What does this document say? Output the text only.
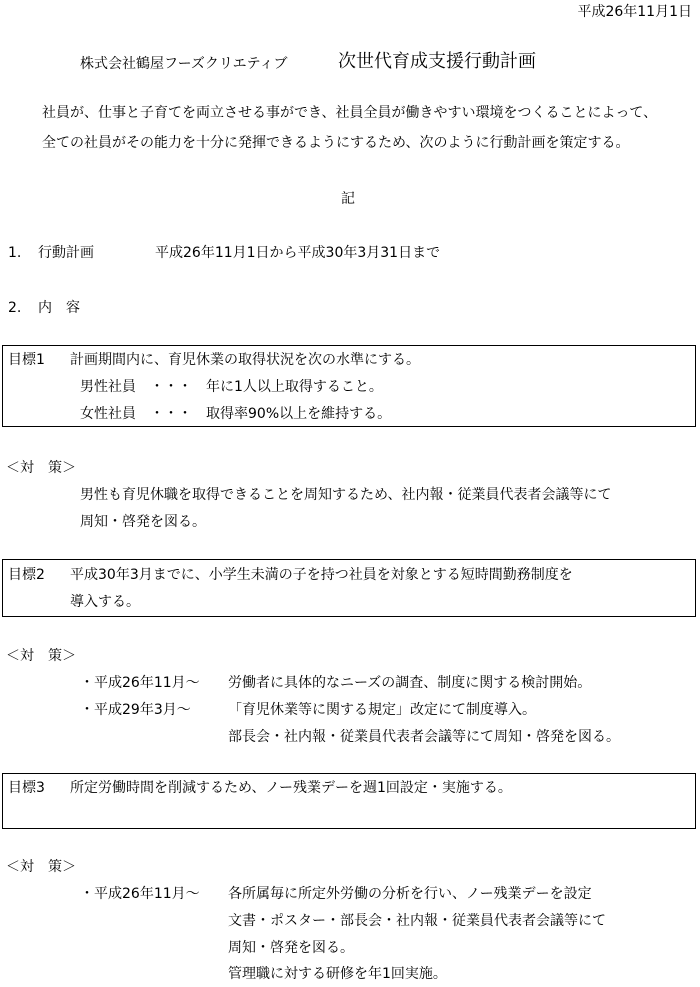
平成26年11月1日
株式会社鶴屋フーズクリエティブ	次世代育成支援行動計画
社員が、仕事と子育てを両立させる事ができ、社員全員が働きやすい環境をつくることによって、
全ての社員がその能力を十分に発揮できるようにするため、次のように行動計画を策定する。
記
1. 行動計画	平成26年11月1日から平成30年3月31日まで
2. 内　容
目標1 計画期間内に、育児休業の取得状況を次の水準にする。
男性社員　・・・　年に1人以上取得すること。
女性社員　・・・　取得率90%以上を維持する。
＜対　策＞
男性も育児休職を取得できることを周知するため、社内報・従業員代表者会議等にて
周知・啓発を図る。
目標2 平成30年3月までに、小学生未満の子を持つ社員を対象とする短時間勤務制度を
導入する。
＜対　策＞
・平成26年11月～ 労働者に具体的なニーズの調査、制度に関する検討開始。
・平成29年3月～	「育児休業等に関する規定」改定にて制度導入。
部長会・社内報・従業員代表者会議等にて周知・啓発を図る。
目標3 所定労働時間を削減するため、ノー残業デーを週1回設定・実施する。
＜対　策＞
・平成26年11月～ 各所属毎に所定外労働の分析を行い、ノー残業デーを設定
文書・ポスター・部長会・社内報・従業員代表者会議等にて
周知・啓発を図る。
管理職に対する研修を年1回実施。
